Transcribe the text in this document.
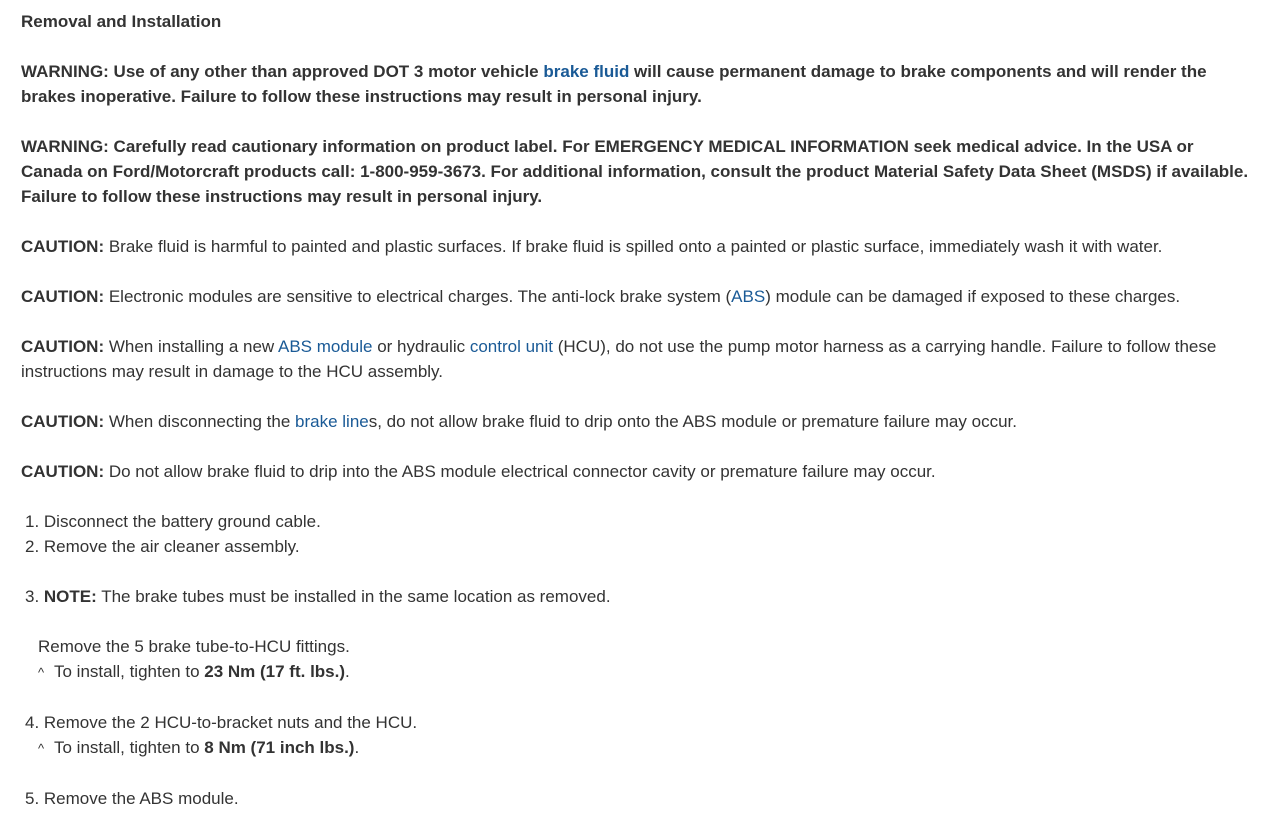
Removal and Installation

WARNING: Use of any other than approved DOT 3 motor vehicle brake fluid will cause permanent damage to brake components and will render the brakes inoperative. Failure to follow these instructions may result in personal injury.

WARNING: Carefully read cautionary information on product label. For EMERGENCY MEDICAL INFORMATION seek medical advice. In the USA or Canada on Ford/Motorcraft products call: 1-800-959-3673. For additional information, consult the product Material Safety Data Sheet (MSDS) if available. Failure to follow these instructions may result in personal injury.

CAUTION: Brake fluid is harmful to painted and plastic surfaces. If brake fluid is spilled onto a painted or plastic surface, immediately wash it with water.

CAUTION: Electronic modules are sensitive to electrical charges. The anti-lock brake system (ABS) module can be damaged if exposed to these charges.

CAUTION: When installing a new ABS module or hydraulic control unit (HCU), do not use the pump motor harness as a carrying handle. Failure to follow these instructions may result in damage to the HCU assembly.

CAUTION: When disconnecting the brake lines, do not allow brake fluid to drip onto the ABS module or premature failure may occur.

CAUTION: Do not allow brake fluid to drip into the ABS module electrical connector cavity or premature failure may occur.

1. Disconnect the battery ground cable.
2. Remove the air cleaner assembly.
3. NOTE: The brake tubes must be installed in the same location as removed.
Remove the 5 brake tube-to-HCU fittings.
^ To install, tighten to 23 Nm (17 ft. lbs.).
4. Remove the 2 HCU-to-bracket nuts and the HCU.
^ To install, tighten to 8 Nm (71 inch lbs.).
5. Remove the ABS module.
